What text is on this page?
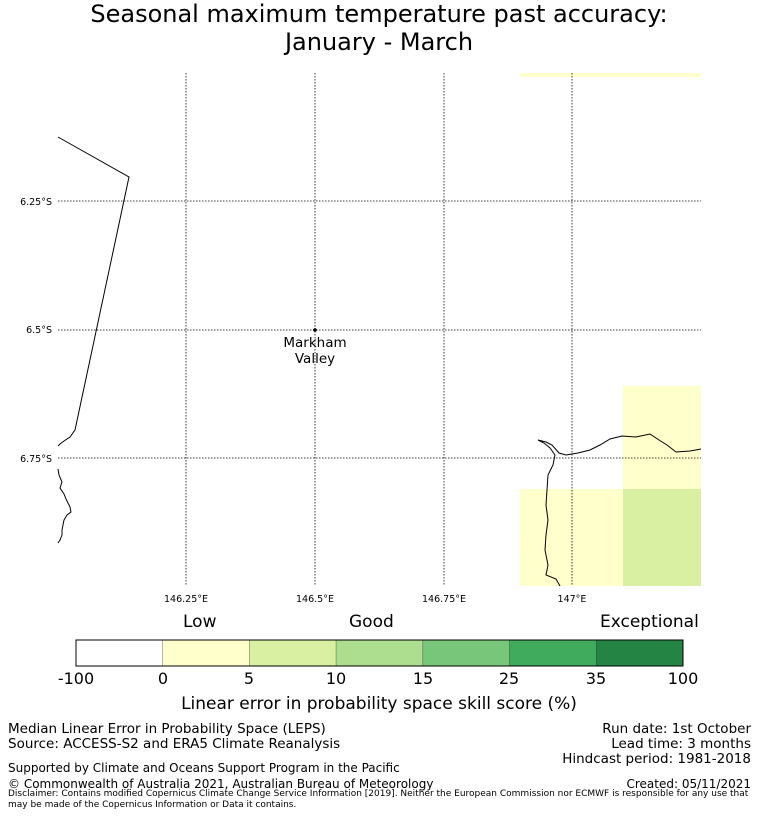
Seasonal maximum temperature past accuracy:
January - March
Markham
Valley
6.25°S
6.5°S
6.75°S
146.25°E	146.5°E	146.75°E	147°E
Low	Good	Exceptional
-100	0	5	10	15	25	35	100
Linear error in probability space skill score (%)
Median Linear Error in Probability Space (LEPS)
Source: ACCESS-S2 and ERA5 Climate Reanalysis
Run date: 1st October
Lead time: 3 months
Hindcast period: 1981-2018
Supported by Climate and Oceans Support Program in the Pacific
© Commonwealth of Australia 2021, Australian Bureau of Meteorology	Created: 05/11/2021
Disclaimer: Contains modified Copernicus Climate Change Service Information [2019]. Neither the European Commission nor ECMWF is responsible for any use that may be made of the Copernicus Information or Data it contains.
